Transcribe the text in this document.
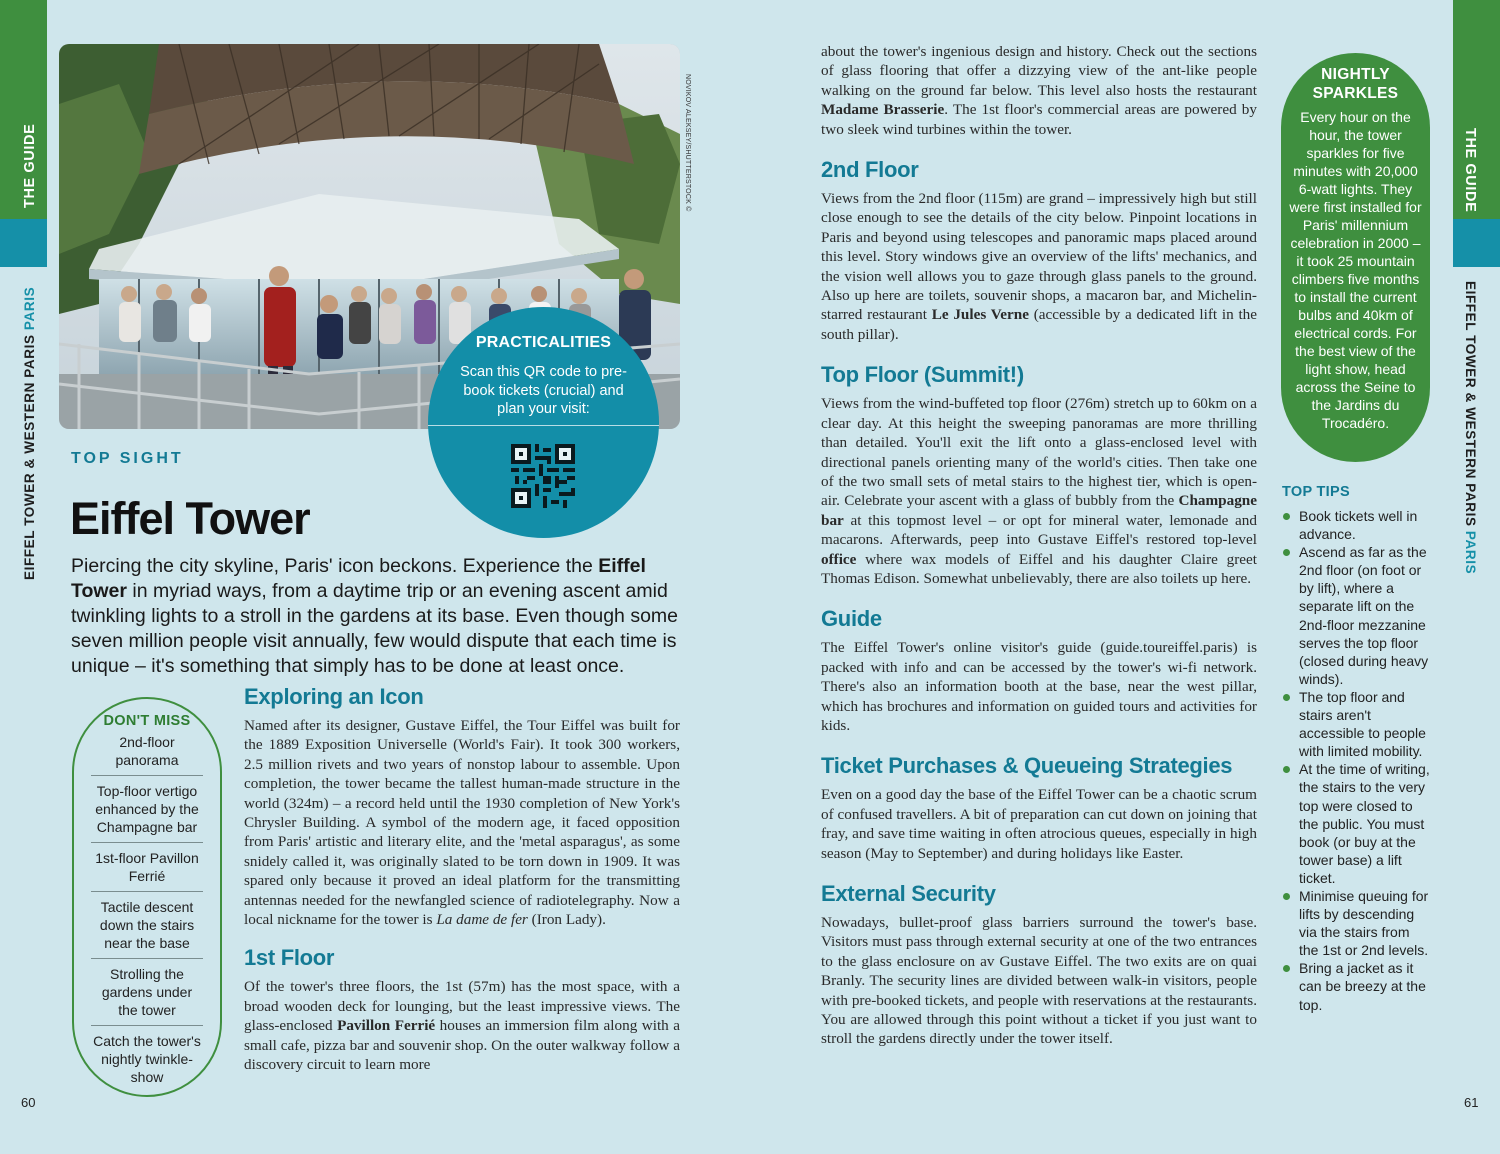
THE GUIDE
EIFFEL TOWER & WESTERN PARIS PARIS
THE GUIDE
EIFFEL TOWER & WESTERN PARIS PARIS
NOVIKOV ALEKSEY/SHUTTERSTOCK ©
PRACTICALITIES
Scan this QR code to pre-book tickets (crucial) and plan your visit:
TOP SIGHT
Eiffel Tower
Piercing the city skyline, Paris' icon beckons. Experience the Eiffel Tower in myriad ways, from a daytime trip or an evening ascent amid twinkling lights to a stroll in the gardens at its base. Even though some seven million people visit annually, few would dispute that each time is unique – it's something that simply has to be done at least once.
DON'T MISS
2nd-floor panorama
Top-floor vertigo enhanced by the Champagne bar
1st-floor Pavillon Ferrié
Tactile descent down the stairs near the base
Strolling the gardens under the tower
Catch the tower's nightly twinkle-show
Exploring an Icon

Named after its designer, Gustave Eiffel, the Tour Eiffel was built for the 1889 Exposition Universelle (World's Fair). It took 300 workers, 2.5 million rivets and two years of nonstop labour to assemble. Upon completion, the tower became the tallest human-made structure in the world (324m) – a record held until the 1930 completion of New York's Chrysler Building. A symbol of the modern age, it faced opposition from Paris' artistic and literary elite, and the 'metal asparagus', as some snidely called it, was originally slated to be torn down in 1909. It was spared only because it proved an ideal platform for the transmitting antennas needed for the newfangled science of radiotelegraphy. Now a local nickname for the tower is La dame de fer (Iron Lady).

1st Floor

Of the tower's three floors, the 1st (57m) has the most space, with a broad wooden deck for lounging, but the least impressive views. The glass-enclosed Pavillon Ferrié houses an immersion film along with a small cafe, pizza bar and souvenir shop. On the outer walkway follow a discovery circuit to learn more

about the tower's ingenious design and history. Check out the sections of glass flooring that offer a dizzying view of the ant-like people walking on the ground far below. This level also hosts the restaurant Madame Brasserie. The 1st floor's commercial areas are powered by two sleek wind turbines within the tower.

2nd Floor

Views from the 2nd floor (115m) are grand – impressively high but still close enough to see the details of the city below. Pinpoint locations in Paris and beyond using telescopes and panoramic maps placed around this level. Story windows give an overview of the lifts' mechanics, and the vision well allows you to gaze through glass panels to the ground. Also up here are toilets, souvenir shops, a macaron bar, and Michelin-starred restaurant Le Jules Verne (accessible by a dedicated lift in the south pillar).

Top Floor (Summit!)

Views from the wind-buffeted top floor (276m) stretch up to 60km on a clear day. At this height the sweeping panoramas are more thrilling than detailed. You'll exit the lift onto a glass-enclosed level with directional panels orienting many of the world's cities. Then take one of the two small sets of metal stairs to the highest tier, which is open-air. Celebrate your ascent with a glass of bubbly from the Champagne bar at this topmost level – or opt for mineral water, lemonade and macarons. Afterwards, peep into Gustave Eiffel's restored top-level office where wax models of Eiffel and his daughter Claire greet Thomas Edison. Somewhat unbelievably, there are also toilets up here.

Guide

The Eiffel Tower's online visitor's guide (guide.toureiffel.paris) is packed with info and can be accessed by the tower's wi-fi network. There's also an information booth at the base, near the west pillar, which has brochures and information on guided tours and activities for kids.

Ticket Purchases & Queueing Strategies

Even on a good day the base of the Eiffel Tower can be a chaotic scrum of confused travellers. A bit of preparation can cut down on joining that fray, and save time waiting in often atrocious queues, especially in high season (May to September) and during holidays like Easter.

External Security

Nowadays, bullet-proof glass barriers surround the tower's base. Visitors must pass through external security at one of the two entrances to the glass enclosure on av Gustave Eiffel. The two exits are on quai Branly. The security lines are divided between walk-in visitors, people with pre-booked tickets, and people with reservations at the restaurants. You are allowed through this point without a ticket if you just want to stroll the gardens directly under the tower itself.

NIGHTLY SPARKLES
Every hour on the hour, the tower sparkles for five minutes with 20,000 6-watt lights. They were first installed for Paris' millennium celebration in 2000 – it took 25 mountain climbers five months to install the current bulbs and 40km of electrical cords. For the best view of the light show, head across the Seine to the Jardins du Trocadéro.
TOP TIPS
Book tickets well in advance.
Ascend as far as the 2nd floor (on foot or by lift), where a separate lift on the 2nd-floor mezzanine serves the top floor (closed during heavy winds).
The top floor and stairs aren't accessible to people with limited mobility.
At the time of writing, the stairs to the very top were closed to the public. You must book (or buy at the tower base) a lift ticket.
Minimise queuing for lifts by descending via the stairs from the 1st or 2nd levels.
Bring a jacket as it can be breezy at the top.
60	61
